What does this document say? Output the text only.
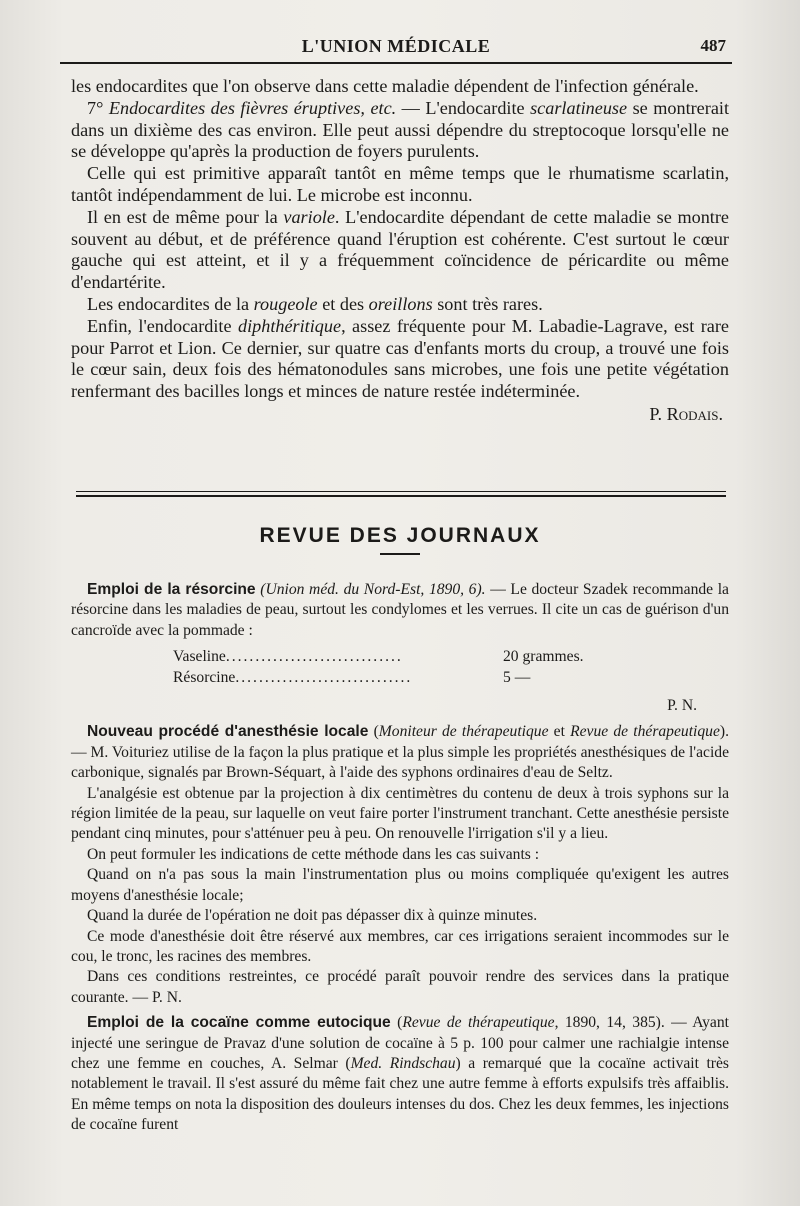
L'UNION MÉDICALE	487

les endocardites que l'on observe dans cette maladie dépendent de l'infection générale.

7° Endocardites des fièvres éruptives, etc. — L'endocardite scarlatineuse se montrerait dans un dixième des cas environ. Elle peut aussi dépendre du streptocoque lorsqu'elle ne se développe qu'après la production de foyers purulents.

Celle qui est primitive apparaît tantôt en même temps que le rhumatisme scarlatin, tantôt indépendamment de lui. Le microbe est inconnu.

Il en est de même pour la variole. L'endocardite dépendant de cette maladie se montre souvent au début, et de préférence quand l'éruption est cohérente. C'est surtout le cœur gauche qui est atteint, et il y a fréquemment coïncidence de péricardite ou même d'endartérite.

Les endocardites de la rougeole et des oreillons sont très rares.

Enfin, l'endocardite diphthéritique, assez fréquente pour M. Labadie-Lagrave, est rare pour Parrot et Lion. Ce dernier, sur quatre cas d'enfants morts du croup, a trouvé une fois le cœur sain, deux fois des hématonodules sans microbes, une fois une petite végétation renfermant des bacilles longs et minces de nature restée indéterminée.

P. Rodais.
REVUE DES JOURNAUX

Emploi de la résorcine (Union méd. du Nord-Est, 1890, 6). — Le docteur Szadek recommande la résorcine dans les maladies de peau, surtout les condylomes et les verrues. Il cite un cas de guérison d'un cancroïde avec la pommade :

Vaseline ..............................	20 grammes.
Résorcine ..............................	5 —
P. N.

Nouveau procédé d'anesthésie locale (Moniteur de thérapeutique et Revue de thérapeutique). — M. Voituriez utilise de la façon la plus pratique et la plus simple les propriétés anesthésiques de l'acide carbonique, signalés par Brown-Séquart, à l'aide des syphons ordinaires d'eau de Seltz.

L'analgésie est obtenue par la projection à dix centimètres du contenu de deux à trois syphons sur la région limitée de la peau, sur laquelle on veut faire porter l'instrument tranchant. Cette anesthésie persiste pendant cinq minutes, pour s'atténuer peu à peu. On renouvelle l'irrigation s'il y a lieu.

On peut formuler les indications de cette méthode dans les cas suivants :

Quand on n'a pas sous la main l'instrumentation plus ou moins compliquée qu'exigent les autres moyens d'anesthésie locale;

Quand la durée de l'opération ne doit pas dépasser dix à quinze minutes.

Ce mode d'anesthésie doit être réservé aux membres, car ces irrigations seraient incommodes sur le cou, le tronc, les racines des membres.

Dans ces conditions restreintes, ce procédé paraît pouvoir rendre des services dans la pratique courante. — P. N.

Emploi de la cocaïne comme eutocique (Revue de thérapeutique, 1890, 14, 385). — Ayant injecté une seringue de Pravaz d'une solution de cocaïne à 5 p. 100 pour calmer une rachialgie intense chez une femme en couches, A. Selmar (Med. Rindschau) a remarqué que la cocaïne activait très notablement le travail. Il s'est assuré du même fait chez une autre femme à efforts expulsifs très affaiblis. En même temps on nota la disposition des douleurs intenses du dos. Chez les deux femmes, les injections de cocaïne furent
